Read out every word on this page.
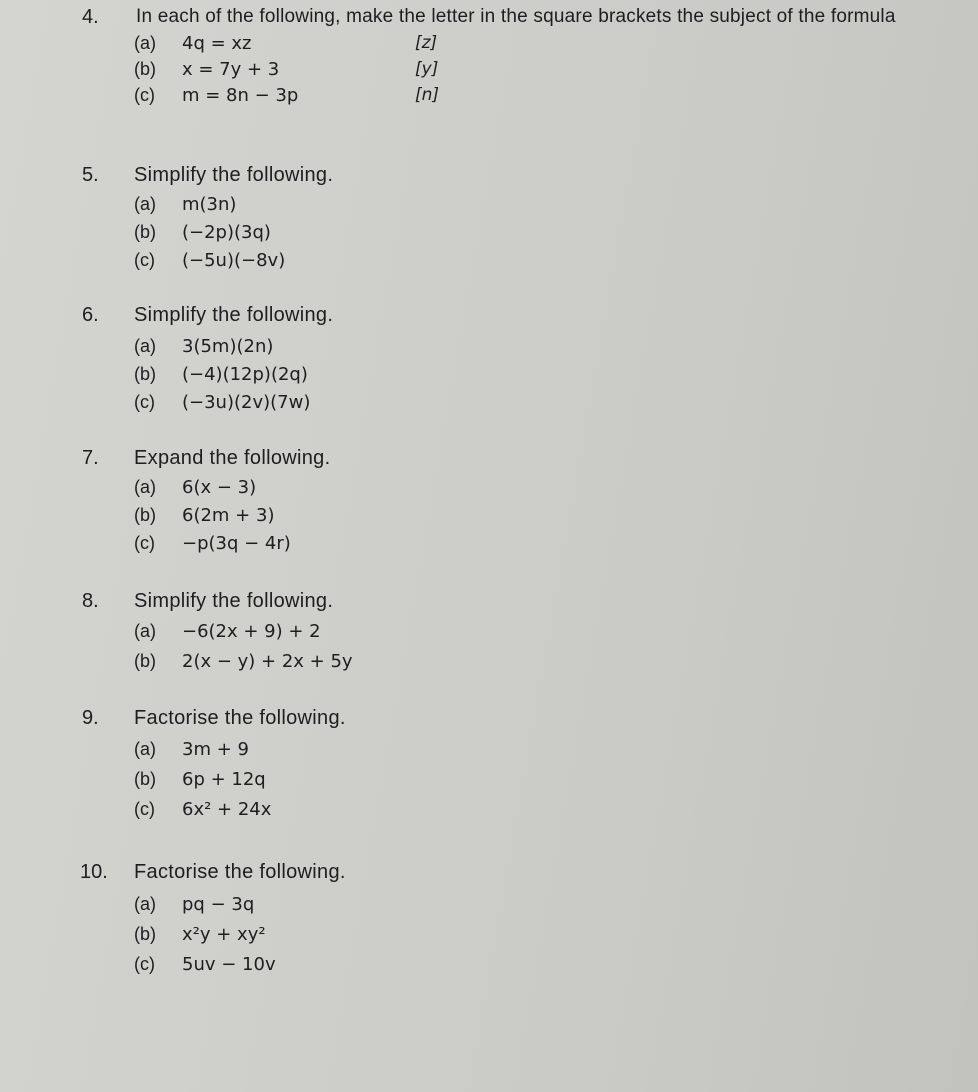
4. In each of the following, make the letter in the square brackets the subject of the formula
(a) 4q = xz	[z]
(b) x = 7y + 3	[y]
(c) m = 8n − 3p	[n]
5. Simplify the following.
(a) m(3n)
(b) (−2p)(3q)
(c) (−5u)(−8v)
6. Simplify the following.
(a) 3(5m)(2n)
(b) (−4)(12p)(2q)
(c) (−3u)(2v)(7w)
7. Expand the following.
(a) 6(x − 3)
(b) 6(2m + 3)
(c) −p(3q − 4r)
8. Simplify the following.
(a) −6(2x + 9) + 2
(b) 2(x − y) + 2x + 5y
9. Factorise the following.
(a) 3m + 9
(b) 6p + 12q
(c) 6x² + 24x
10. Factorise the following.
(a) pq − 3q
(b) x²y + xy²
(c) 5uv − 10v
